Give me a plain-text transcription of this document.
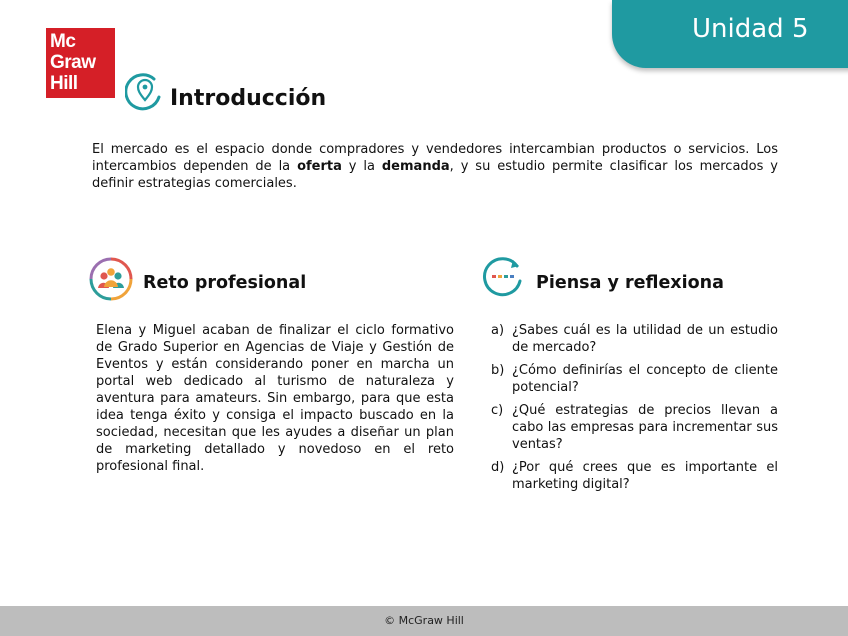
Mc
Graw
Hill
Unidad 5
Introducción

El mercado es el espacio donde compradores y vendedores intercambian productos o servicios. Los intercambios dependen de la oferta y la demanda, y su estudio permite clasificar los mercados y definir estrategias comerciales.

Reto profesional

Elena y Miguel acaban de finalizar el ciclo formativo de Grado Superior en Agencias de Viaje y Gestión de Eventos y están considerando poner en marcha un portal web dedicado al turismo de naturaleza y aventura para amateurs. Sin embargo, para que esta idea tenga éxito y consiga el impacto buscado en la sociedad, necesitan que les ayudes a diseñar un plan de marketing detallado y novedoso en el reto profesional final.

Piensa y reflexiona
a) ¿Sabes cuál es la utilidad de un estudio de mercado?
b) ¿Cómo definirías el concepto de cliente potencial?
c) ¿Qué estrategias de precios llevan a cabo las empresas para incrementar sus ventas?
d) ¿Por qué crees que es importante el marketing digital?
© McGraw Hill
